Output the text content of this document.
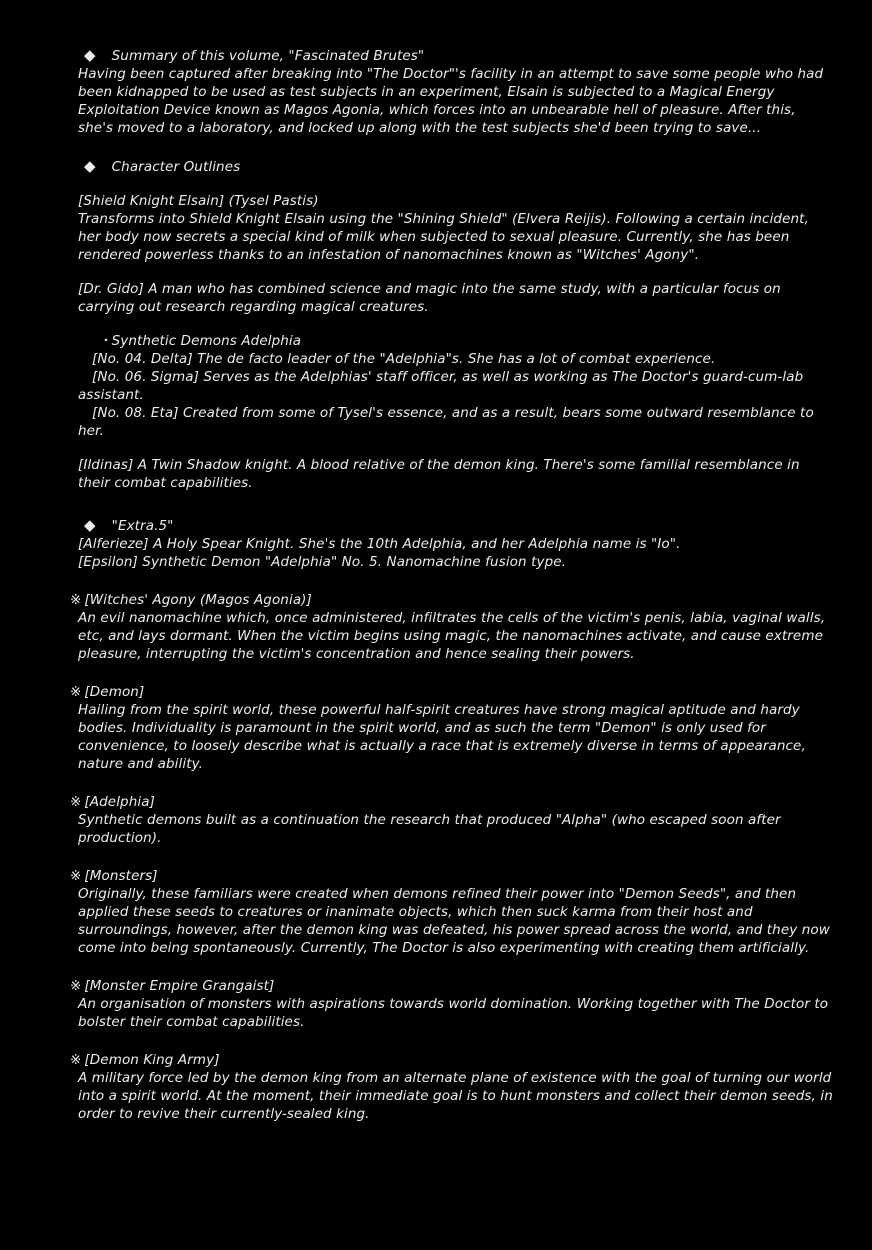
◆ Summary of this volume, "Fascinated Brutes"

Having been captured after breaking into "The Doctor"'s facility in an attempt to save some people who had been kidnapped to be used as test subjects in an experiment, Elsain is subjected to a Magical Energy Exploitation Device known as Magos Agonia, which forces into an unbearable hell of pleasure. After this, she's moved to a laboratory, and locked up along with the test subjects she'd been trying to save...

◆ Character Outlines

[Shield Knight Elsain] (Tysel Pastis)

Transforms into Shield Knight Elsain using the "Shining Shield" (Elvera Reijis). Following a certain incident, her body now secrets a special kind of milk when subjected to sexual pleasure. Currently, she has been rendered powerless thanks to an infestation of nanomachines known as "Witches' Agony".

[Dr. Gido] A man who has combined science and magic into the same study, with a particular focus on carrying out research regarding magical creatures.

・Synthetic Demons Adelphia

[No. 04. Delta] The de facto leader of the "Adelphia"s. She has a lot of combat experience.

[No. 06. Sigma] Serves as the Adelphias' staff officer, as well as working as The Doctor's guard-cum-lab assistant.

[No. 08. Eta] Created from some of Tysel's essence, and as a result, bears some outward resemblance to her.

[Ildinas] A Twin Shadow knight. A blood relative of the demon king. There's some familial resemblance in their combat capabilities.

◆ "Extra.5"

[Alferieze] A Holy Spear Knight. She's the 10th Adelphia, and her Adelphia name is "Io".

[Epsilon] Synthetic Demon "Adelphia" No. 5. Nanomachine fusion type.

※ [Witches' Agony (Magos Agonia)]

An evil nanomachine which, once administered, infiltrates the cells of the victim's penis, labia, vaginal walls, etc, and lays dormant. When the victim begins using magic, the nanomachines activate, and cause extreme pleasure, interrupting the victim's concentration and hence sealing their powers.

※ [Demon]

Hailing from the spirit world, these powerful half-spirit creatures have strong magical aptitude and hardy bodies. Individuality is paramount in the spirit world, and as such the term "Demon" is only used for convenience, to loosely describe what is actually a race that is extremely diverse in terms of appearance, nature and ability.

※ [Adelphia]

Synthetic demons built as a continuation the research that produced "Alpha" (who escaped soon after production).

※ [Monsters]

Originally, these familiars were created when demons refined their power into "Demon Seeds", and then applied these seeds to creatures or inanimate objects, which then suck karma from their host and surroundings, however, after the demon king was defeated, his power spread across the world, and they now come into being spontaneously. Currently, The Doctor is also experimenting with creating them artificially.

※ [Monster Empire Grangaist]

An organisation of monsters with aspirations towards world domination. Working together with The Doctor to bolster their combat capabilities.

※ [Demon King Army]

A military force led by the demon king from an alternate plane of existence with the goal of turning our world into a spirit world. At the moment, their immediate goal is to hunt monsters and collect their demon seeds, in order to revive their currently-sealed king.
